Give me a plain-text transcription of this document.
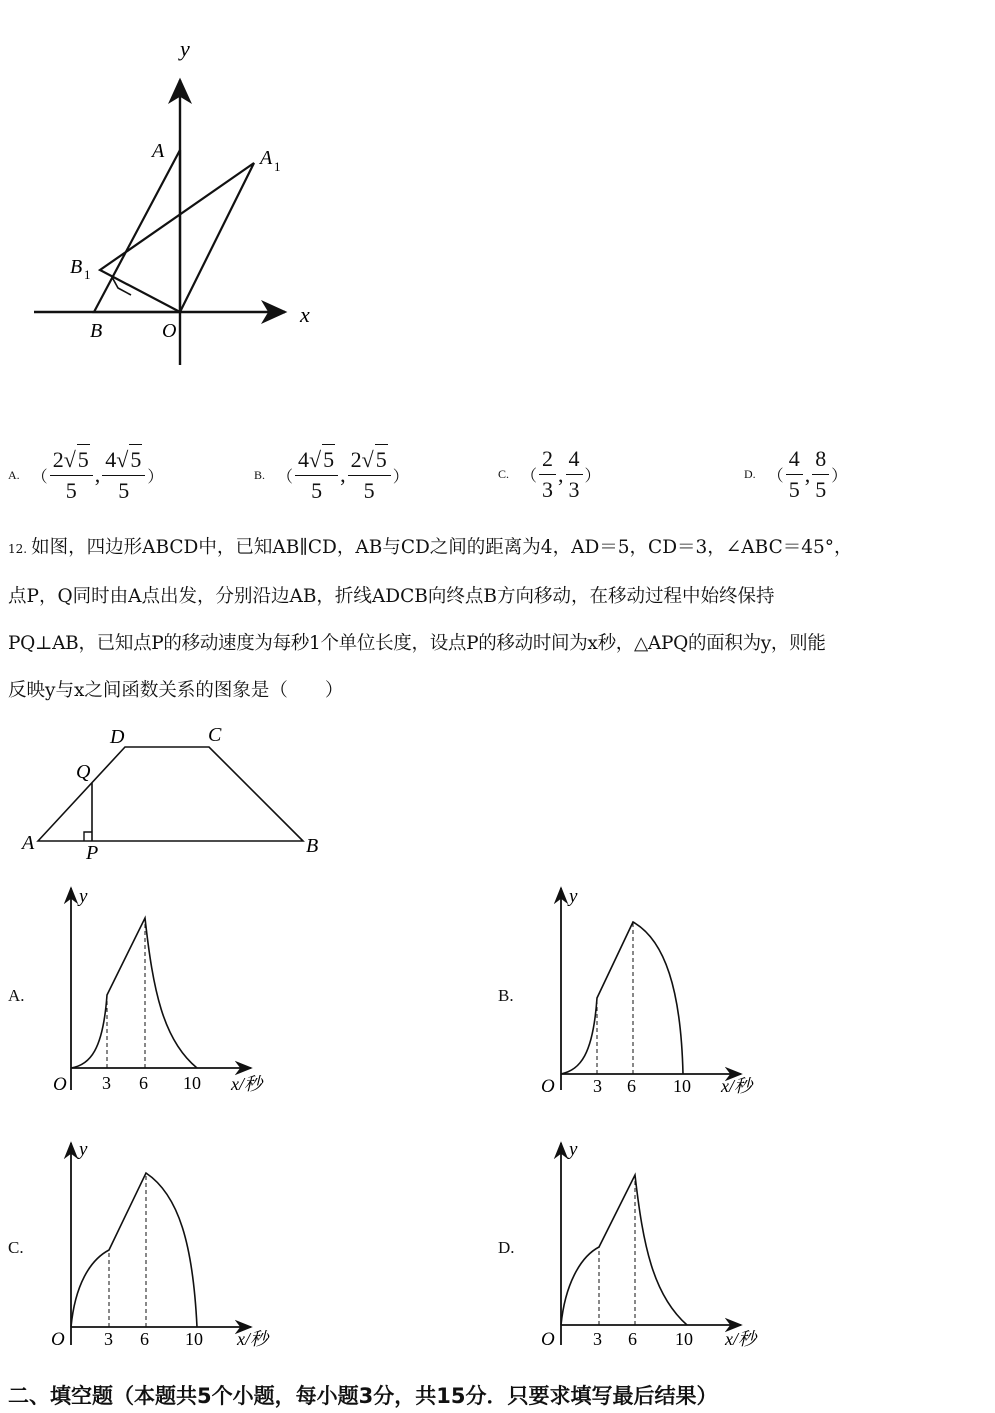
y
x
A	A 1
B 1
B	O
A. （ $\frac{2√5}{5}$ , $\frac{4√5}{5}$ ）	B. （ $\frac{4√5}{5}$ , $\frac{2√5}{5}$ ）	C. （ $\frac{2}{3}$ , $\frac{4}{3}$ ）	D. （ $\frac{4}{5}$ , $\frac{8}{5}$ ）
12. 如图，四边形ABCD中，已知AB∥CD，AB与CD之间的距离为4，AD＝5，CD＝3，∠ABC＝45°，
点P，Q同时由A点出发，分别沿边AB，折线ADCB向终点B方向移动，在移动过程中始终保持
PQ⊥AB，已知点P的移动速度为每秒1个单位长度，设点P的移动时间为x秒，△APQ的面积为y，则能
反映y与x之间函数关系的图象是（　　）
D	C
Q
A	P	B
A.	B.
C.	D.
y
O 3 6 10 x/秒
y
O 3 6 10 x/秒
y
O 3 6 10 x/秒
y
O 3 6 10 x/秒
二、填空题（本题共5个小题，每小题3分，共15分．只要求填写最后结果）
